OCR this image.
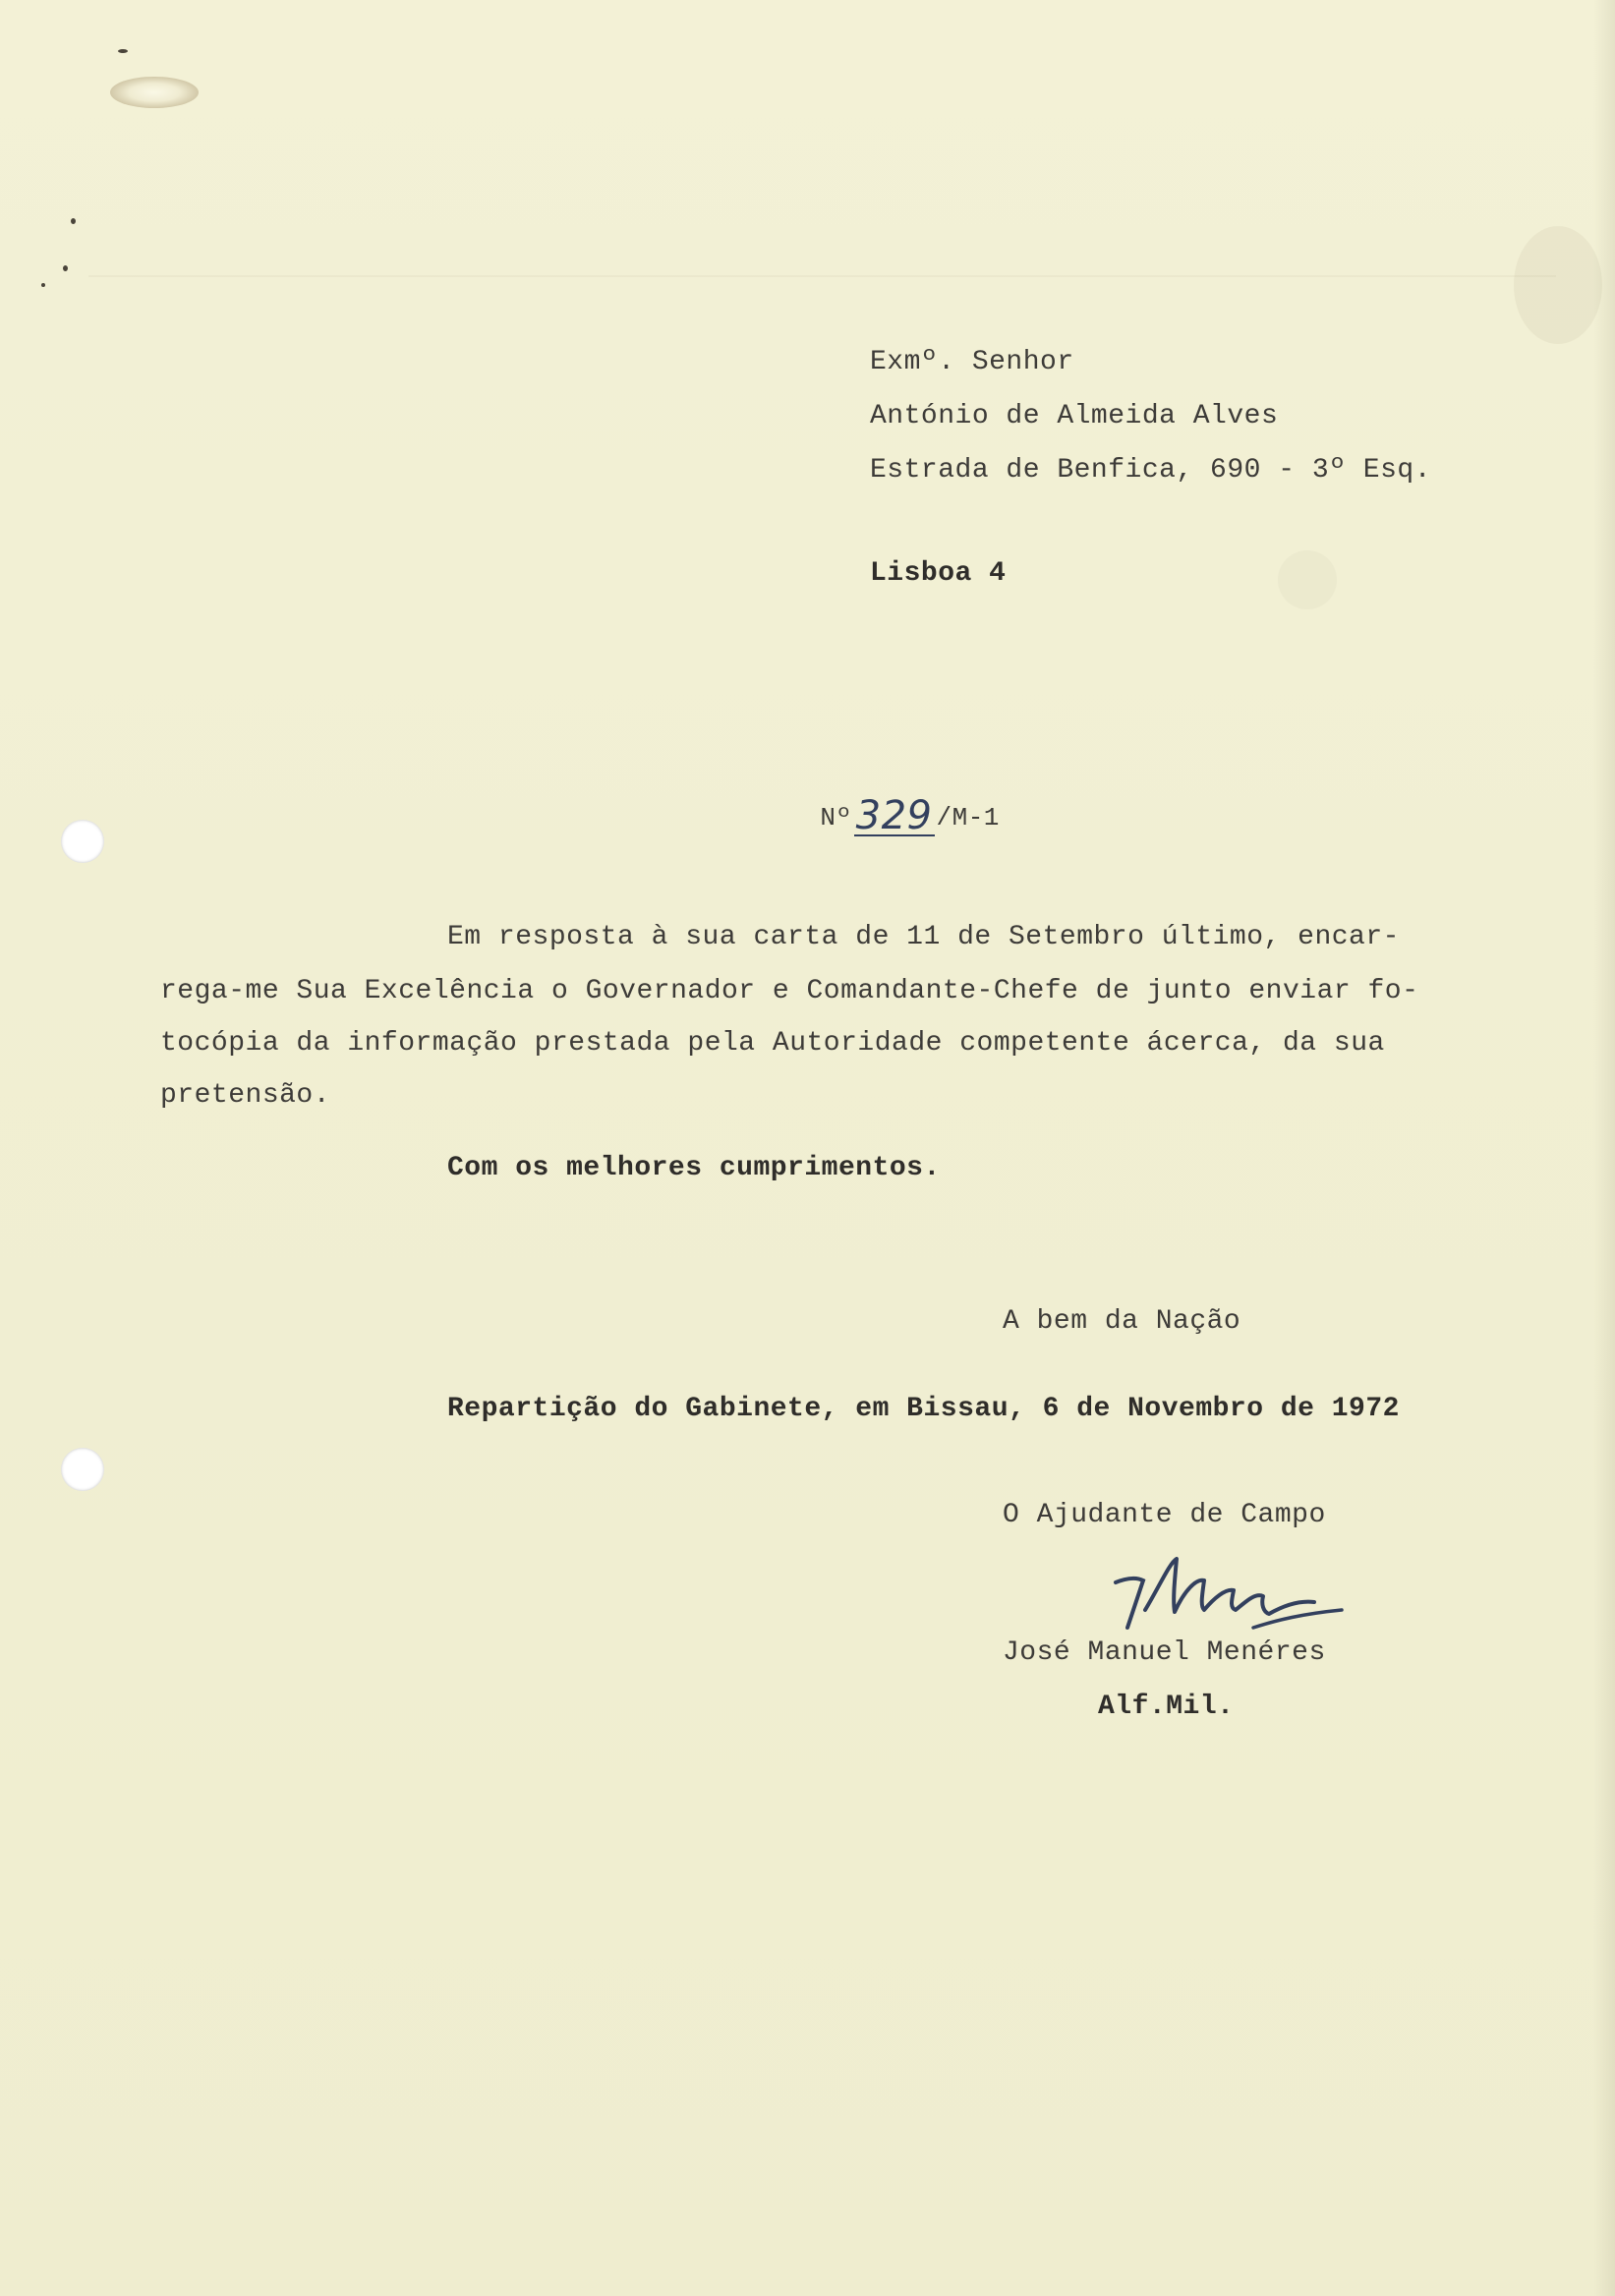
Exmº. Senhor
António de Almeida Alves
Estrada de Benfica, 690 - 3º Esq.
Lisboa 4

Nº 329 /M-1

Em resposta à sua carta de 11 de Setembro último, encar-
rega-me Sua Excelência o Governador e Comandante-Chefe de junto enviar fo-
tocópia da informação prestada pela Autoridade competente ácerca, da sua
pretensão.
Com os melhores cumprimentos.
A bem da Nação
Repartição do Gabinete, em Bissau, 6 de Novembro de 1972
O Ajudante de Campo
José Manuel Menéres
Alf.Mil.
